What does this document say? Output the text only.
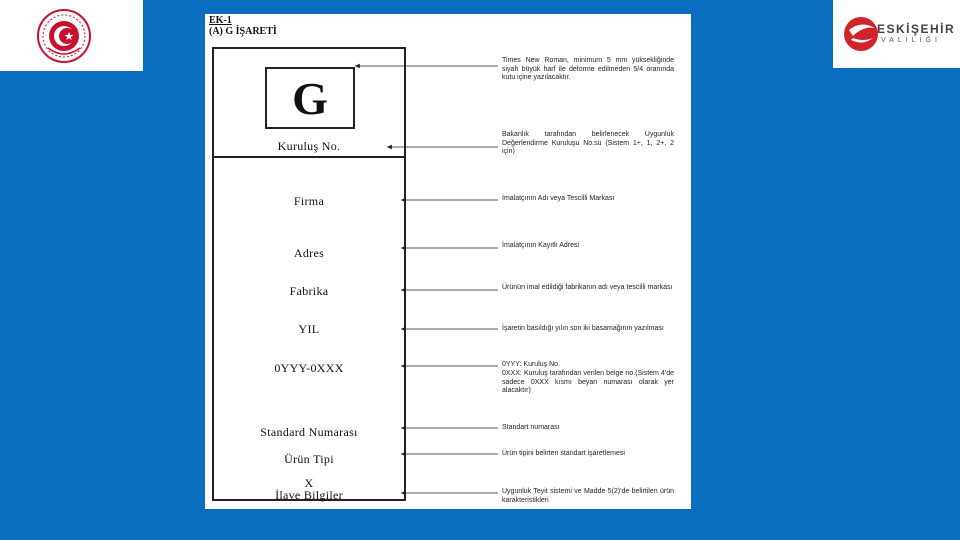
ESKİŞEHİR
VALİLİĞİ
EK-1
(A) G İŞARETİ
G
Kuruluş No.
Firma
Adres
Fabrika
YIL
0YYY-0XXX
Standard Numarası
Ürün Tipi
X
İlave Bilgiler
Times New Roman, minimum 5 mm yüksekliğinde siyah büyük harf ile deforme edilmeden 5/4 oranında kutu içine yazılacaktır.
Bakanlık tarafından belirlenecek Uygunluk Değerlendirme Kuruluşu No.su (Sistem 1+, 1, 2+, 2 için)
İmalatçının Adı veya Tescilli Markası
İmalatçının Kayıtlı Adresi
Ürünün imal edildiği fabrikanın adı veya tescilli markası
İşaretin basıldığı yılın son iki basamağının yazılması
0YYY: Kuruluş No.
0XXX: Kuruluş tarafından verilen belge no.(Sistem 4'de sadece 0XXX kısmı beyan numarası olarak yer alacaktır)
Standart numarası
Ürün tipini belirten standart işaretlemesi
Uygunluk Teyit sistemi ve Madde 5(2)'de belirtilen ürün karakteristikleri
